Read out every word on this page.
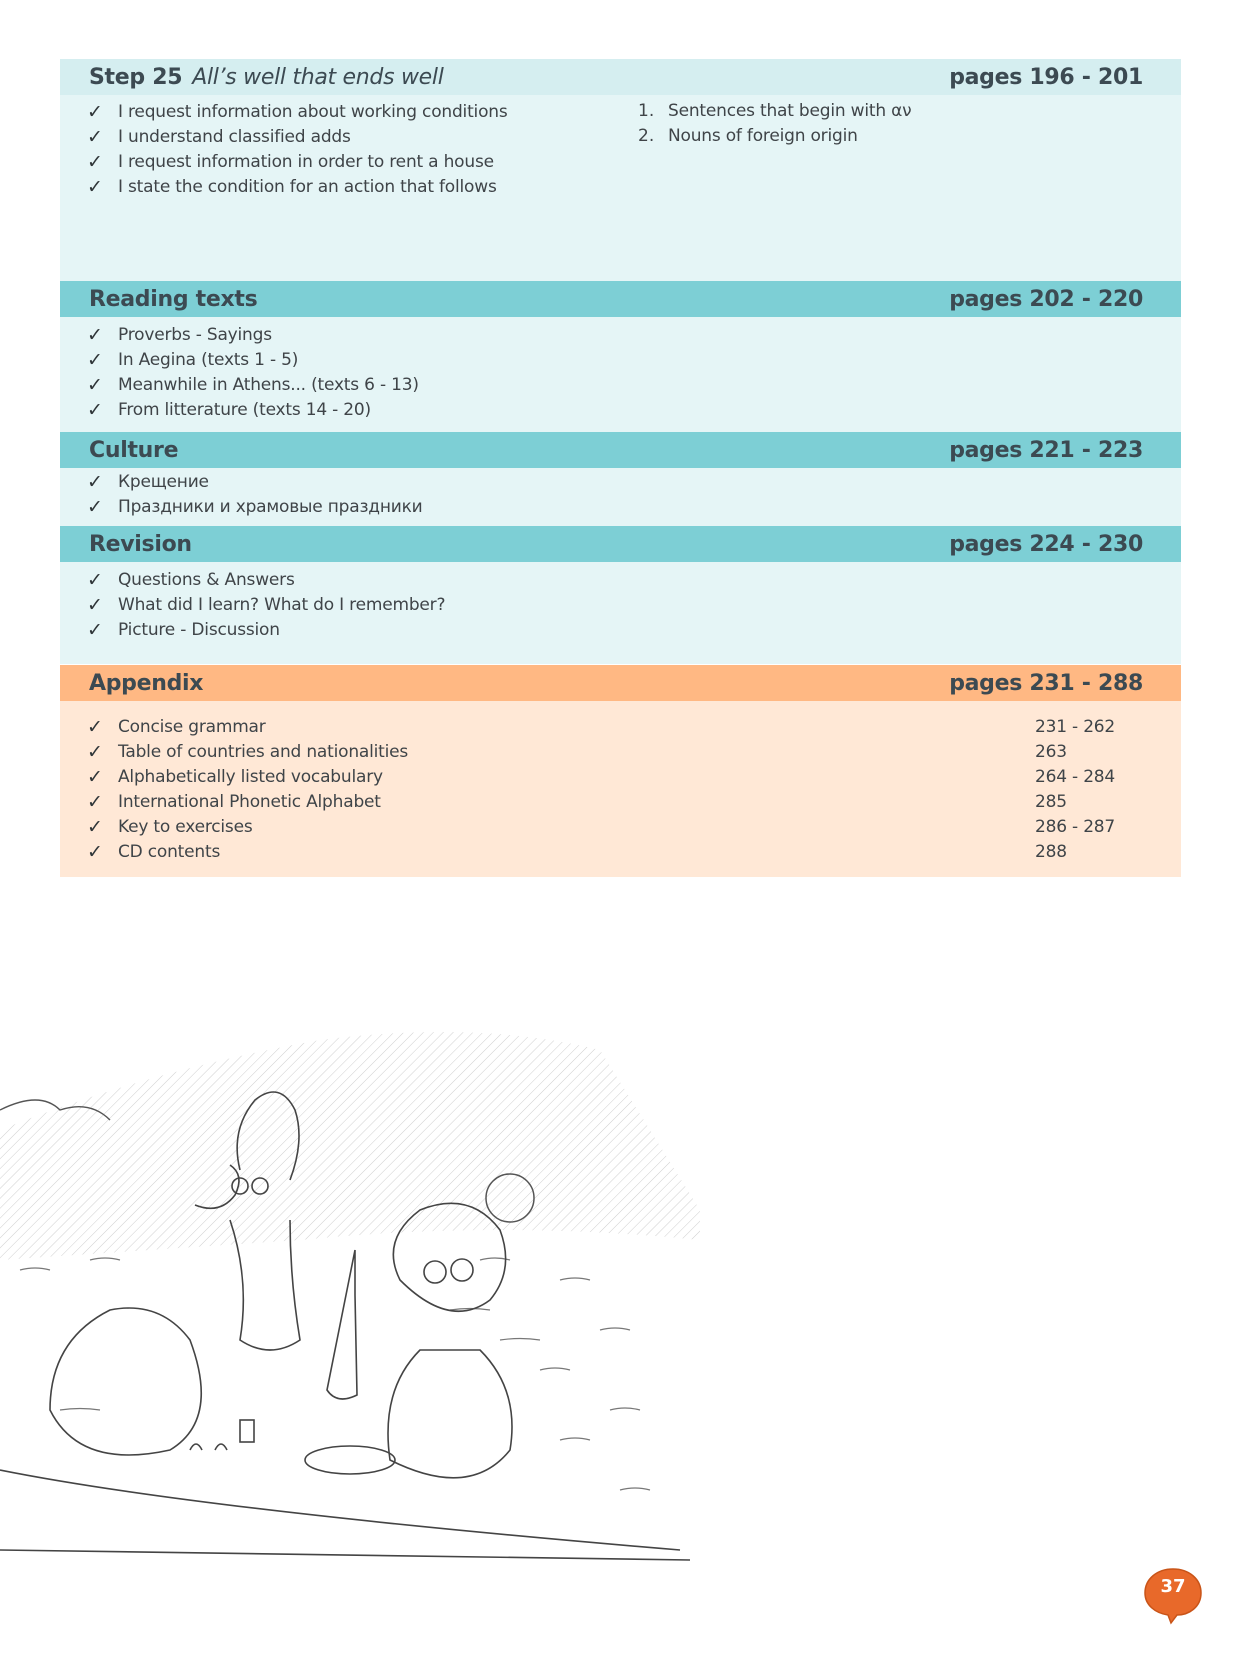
Step 25 All’s well that ends well	pages 196 - 201
✓ I request information about working conditions
✓ I understand classified adds
✓ I request information in order to rent a house
✓ I state the condition for an action that follows
1. Sentences that begin with αν
2. Nouns of foreign origin
Reading texts	pages 202 - 220
✓ Proverbs - Sayings
✓ In Aegina (texts 1 - 5)
✓ Meanwhile in Athens... (texts 6 - 13)
✓ From litterature (texts 14 - 20)
Culture	pages 221 - 223
✓ Крещение
✓ Праздники и храмовые праздники
Revision	pages 224 - 230
✓ Questions & Answers
✓ What did I learn? What do I remember?
✓ Picture - Discussion
Appendix	pages 231 - 288
✓ Concise grammar	231 - 262
✓ Table of countries and nationalities	263
✓ Alphabetically listed vocabulary	264 - 284
✓ International Phonetic Alphabet	285
✓ Key to exercises	286 - 287
✓ CD contents	288
37
